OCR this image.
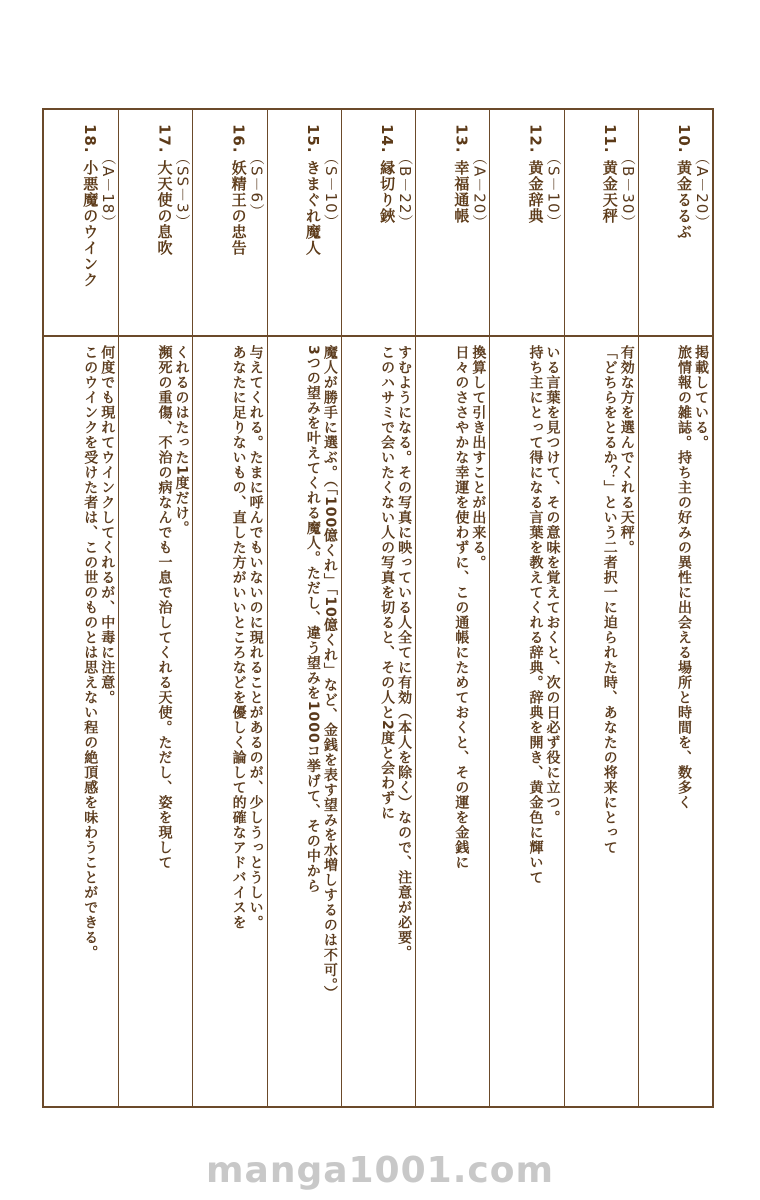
10. 黄金るるぶ （A－20）
旅情報の雑誌。持ち主の好みの異性に出会える場所と時間を、数多く 掲載している。
11. 黄金天秤 （B－30）
「どちらをとるか？」という二者択一に迫られた時、あなたの将来にとって 有効な方を選んでくれる天秤。
12. 黄金辞典 （S－10）
持ち主にとって得になる言葉を教えてくれる辞典。辞典を開き、黄金色に輝いて いる言葉を見つけて、その意味を覚えておくと、次の日必ず役に立つ。
13. 幸福通帳 （A－20）
日々のささやかな幸運を使わずに、この通帳にためておくと、その運を金銭に 換算して引き出すことが出来る。
14. 縁切り鋏 （B－22）
このハサミで会いたくない人の写真を切ると、その人と2度と会わずに すむようになる。その写真に映っている人全てに有効（本人を除く）なので、注意が必要。
15. きまぐれ魔人 （S－10）
3つの望みを叶えてくれる魔人。ただし、違う望みを1000コ挙げて、その中から 魔人が勝手に選ぶ。（「100億くれ」「10億くれ」など、金銭を表す望みを水増しするのは不可。）
16. 妖精王の忠告 （S－6）
あなたに足りないもの、直した方がいいところなどを優しく論して的確なアドバイスを 与えてくれる。たまに呼んでもいないのに現れることがあるのが、少しうっとうしい。
17. 大天使の息吹 （SS－3）
瀕死の重傷、不治の病なんでも一息で治してくれる天使。ただし、姿を現して くれるのはたった1度だけ。
18. 小悪魔のウインク （A－18）
このウインクを受けた者は、この世のものとは思えない程の絶頂感を味わうことができる。 何度でも現れてウインクしてくれるが、中毒に注意。
manga1001.com
